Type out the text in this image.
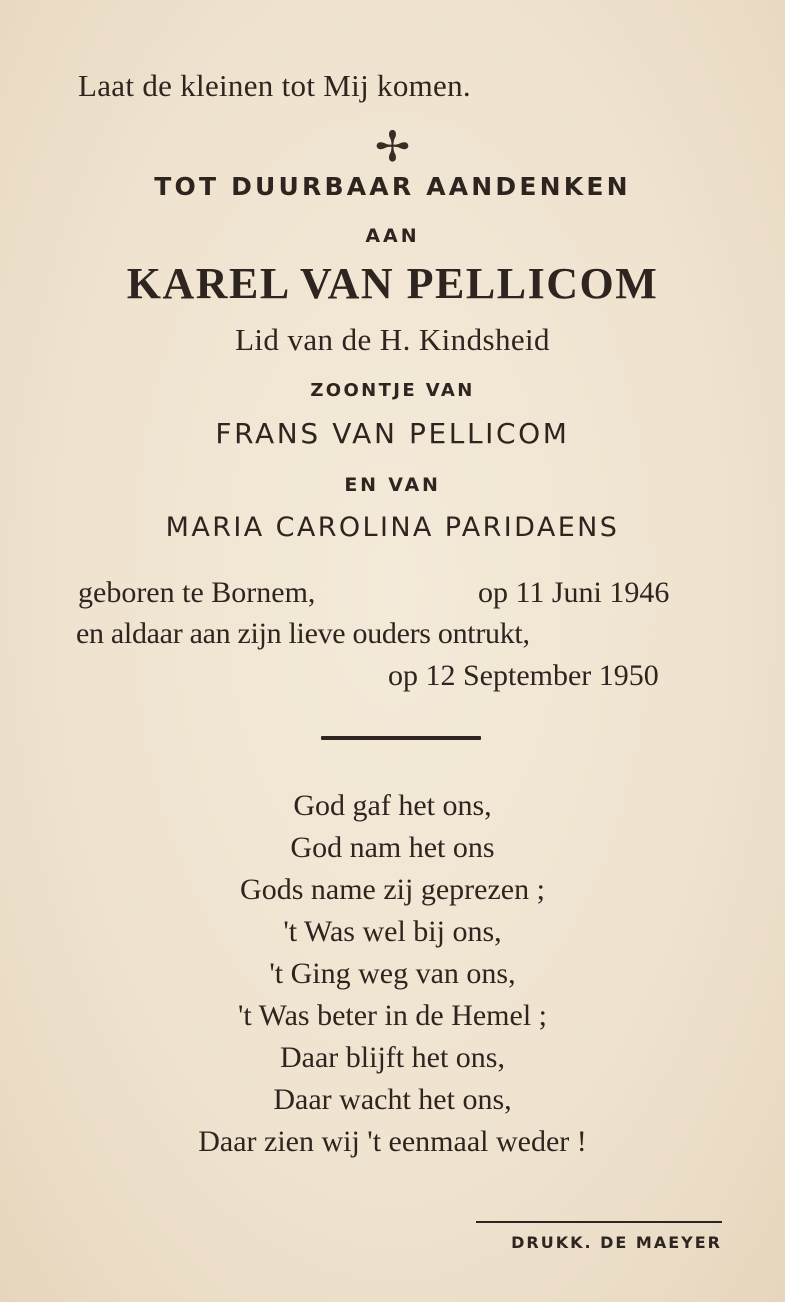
Laat de kleinen tot Mij komen.
✢
TOT DUURBAAR AANDENKEN
AAN
KAREL VAN PELLICOM
Lid van de H. Kindsheid
ZOONTJE VAN
FRANS VAN PELLICOM
EN VAN
MARIA CAROLINA PARIDAENS
geboren te Bornem,	op 11 Juni 1946
en aldaar aan zijn lieve ouders ontrukt,
op 12 September 1950
God gaf het ons,
God nam het ons
Gods name zij geprezen ;
't Was wel bij ons,
't Ging weg van ons,
't Was beter in de Hemel ;
Daar blijft het ons,
Daar wacht het ons,
Daar zien wij 't eenmaal weder !
DRUKK. DE MAEYER
